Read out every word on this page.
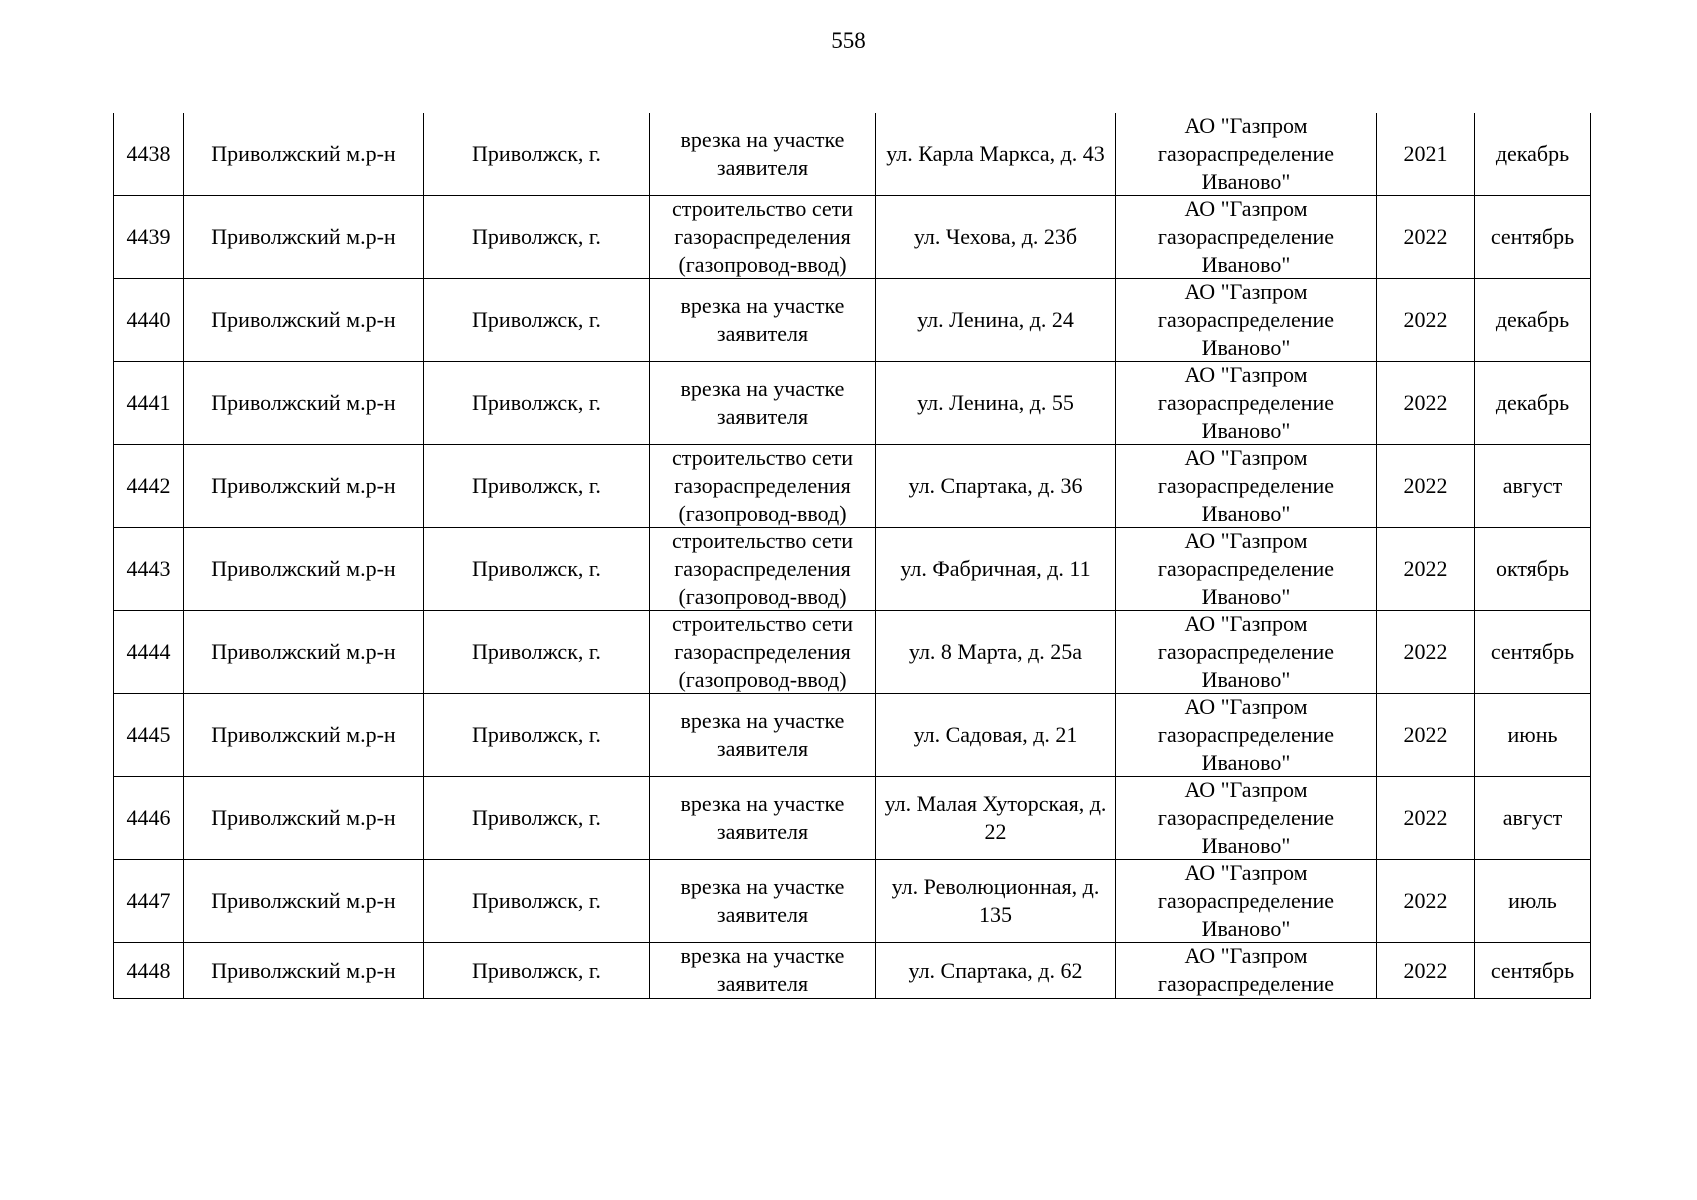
558
4438	Приволжский м.р-н	Приволжск, г.	врезка на участке заявителя	ул. Карла Маркса, д. 43	АО "Газпром газораспределение Иваново"	2021	декабрь

4439	Приволжский м.р-н	Приволжск, г.	строительство сети газораспределения (газопровод-ввод)	ул. Чехова, д. 23б	АО "Газпром газораспределение Иваново"	2022	сентябрь

4440	Приволжский м.р-н	Приволжск, г.	врезка на участке заявителя	ул. Ленина, д. 24	АО "Газпром газораспределение Иваново"	2022	декабрь

4441	Приволжский м.р-н	Приволжск, г.	врезка на участке заявителя	ул. Ленина, д. 55	АО "Газпром газораспределение Иваново"	2022	декабрь

4442	Приволжский м.р-н	Приволжск, г.	строительство сети газораспределения (газопровод-ввод)	ул. Спартака, д. 36	АО "Газпром газораспределение Иваново"	2022	август

4443	Приволжский м.р-н	Приволжск, г.	строительство сети газораспределения (газопровод-ввод)	ул. Фабричная, д. 11	АО "Газпром газораспределение Иваново"	2022	октябрь

4444	Приволжский м.р-н	Приволжск, г.	строительство сети газораспределения (газопровод-ввод)	ул. 8 Марта, д. 25а	АО "Газпром газораспределение Иваново"	2022	сентябрь

4445	Приволжский м.р-н	Приволжск, г.	врезка на участке заявителя	ул. Садовая, д. 21	АО "Газпром газораспределение Иваново"	2022	июнь

4446	Приволжский м.р-н	Приволжск, г.	врезка на участке заявителя	ул. Малая Хуторская, д. 22	АО "Газпром газораспределение Иваново"	2022	август

4447	Приволжский м.р-н	Приволжск, г.	врезка на участке заявителя	ул. Революционная, д. 135	АО "Газпром газораспределение Иваново"	2022	июль

4448	Приволжский м.р-н	Приволжск, г.	врезка на участке заявителя	ул. Спартака, д. 62	АО "Газпром газораспределение	2022	сентябрь
